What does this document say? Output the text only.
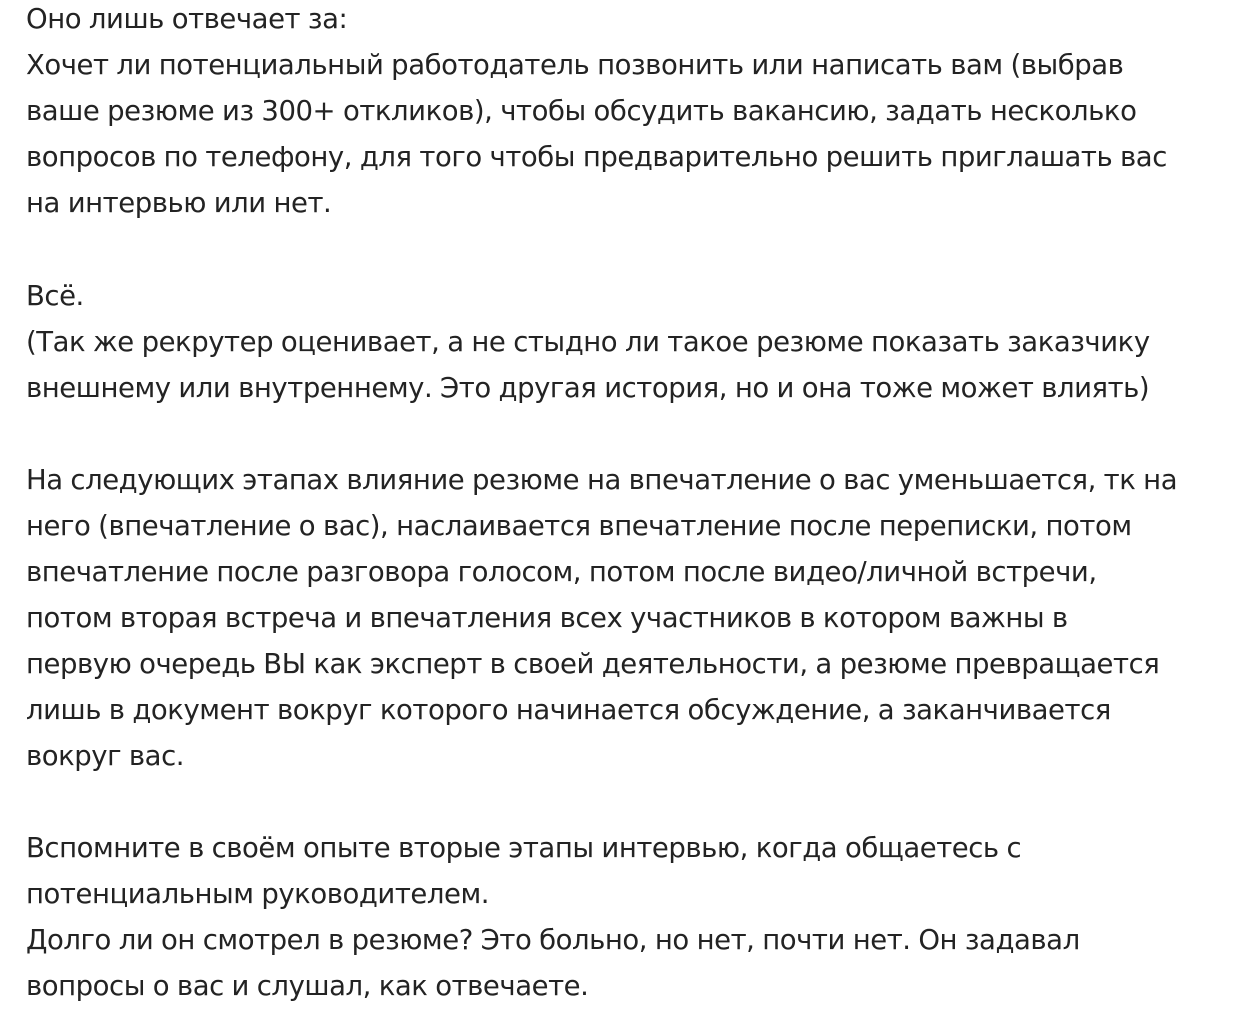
Оно лишь отвечает за:
Хочет ли потенциальный работодатель позвонить или написать вам (выбрав
ваше резюме из 300+ откликов), чтобы обсудить вакансию, задать несколько
вопросов по телефону, для того чтобы предварительно решить приглашать вас
на интервью или нет.
Всё.
(Так же рекрутер оценивает, а не стыдно ли такое резюме показать заказчику
внешнему или внутреннему. Это другая история, но и она тоже может влиять)
На следующих этапах влияние резюме на впечатление о вас уменьшается, тк на
него (впечатление о вас), наслаивается впечатление после переписки, потом
впечатление после разговора голосом, потом после видео/личной встречи,
потом вторая встреча и впечатления всех участников в котором важны в
первую очередь ВЫ как эксперт в своей деятельности, а резюме превращается
лишь в документ вокруг которого начинается обсуждение, а заканчивается
вокруг вас.
Вспомните в своём опыте вторые этапы интервью, когда общаетесь с
потенциальным руководителем.
Долго ли он смотрел в резюме? Это больно, но нет, почти нет. Он задавал
вопросы о вас и слушал, как отвечаете.
